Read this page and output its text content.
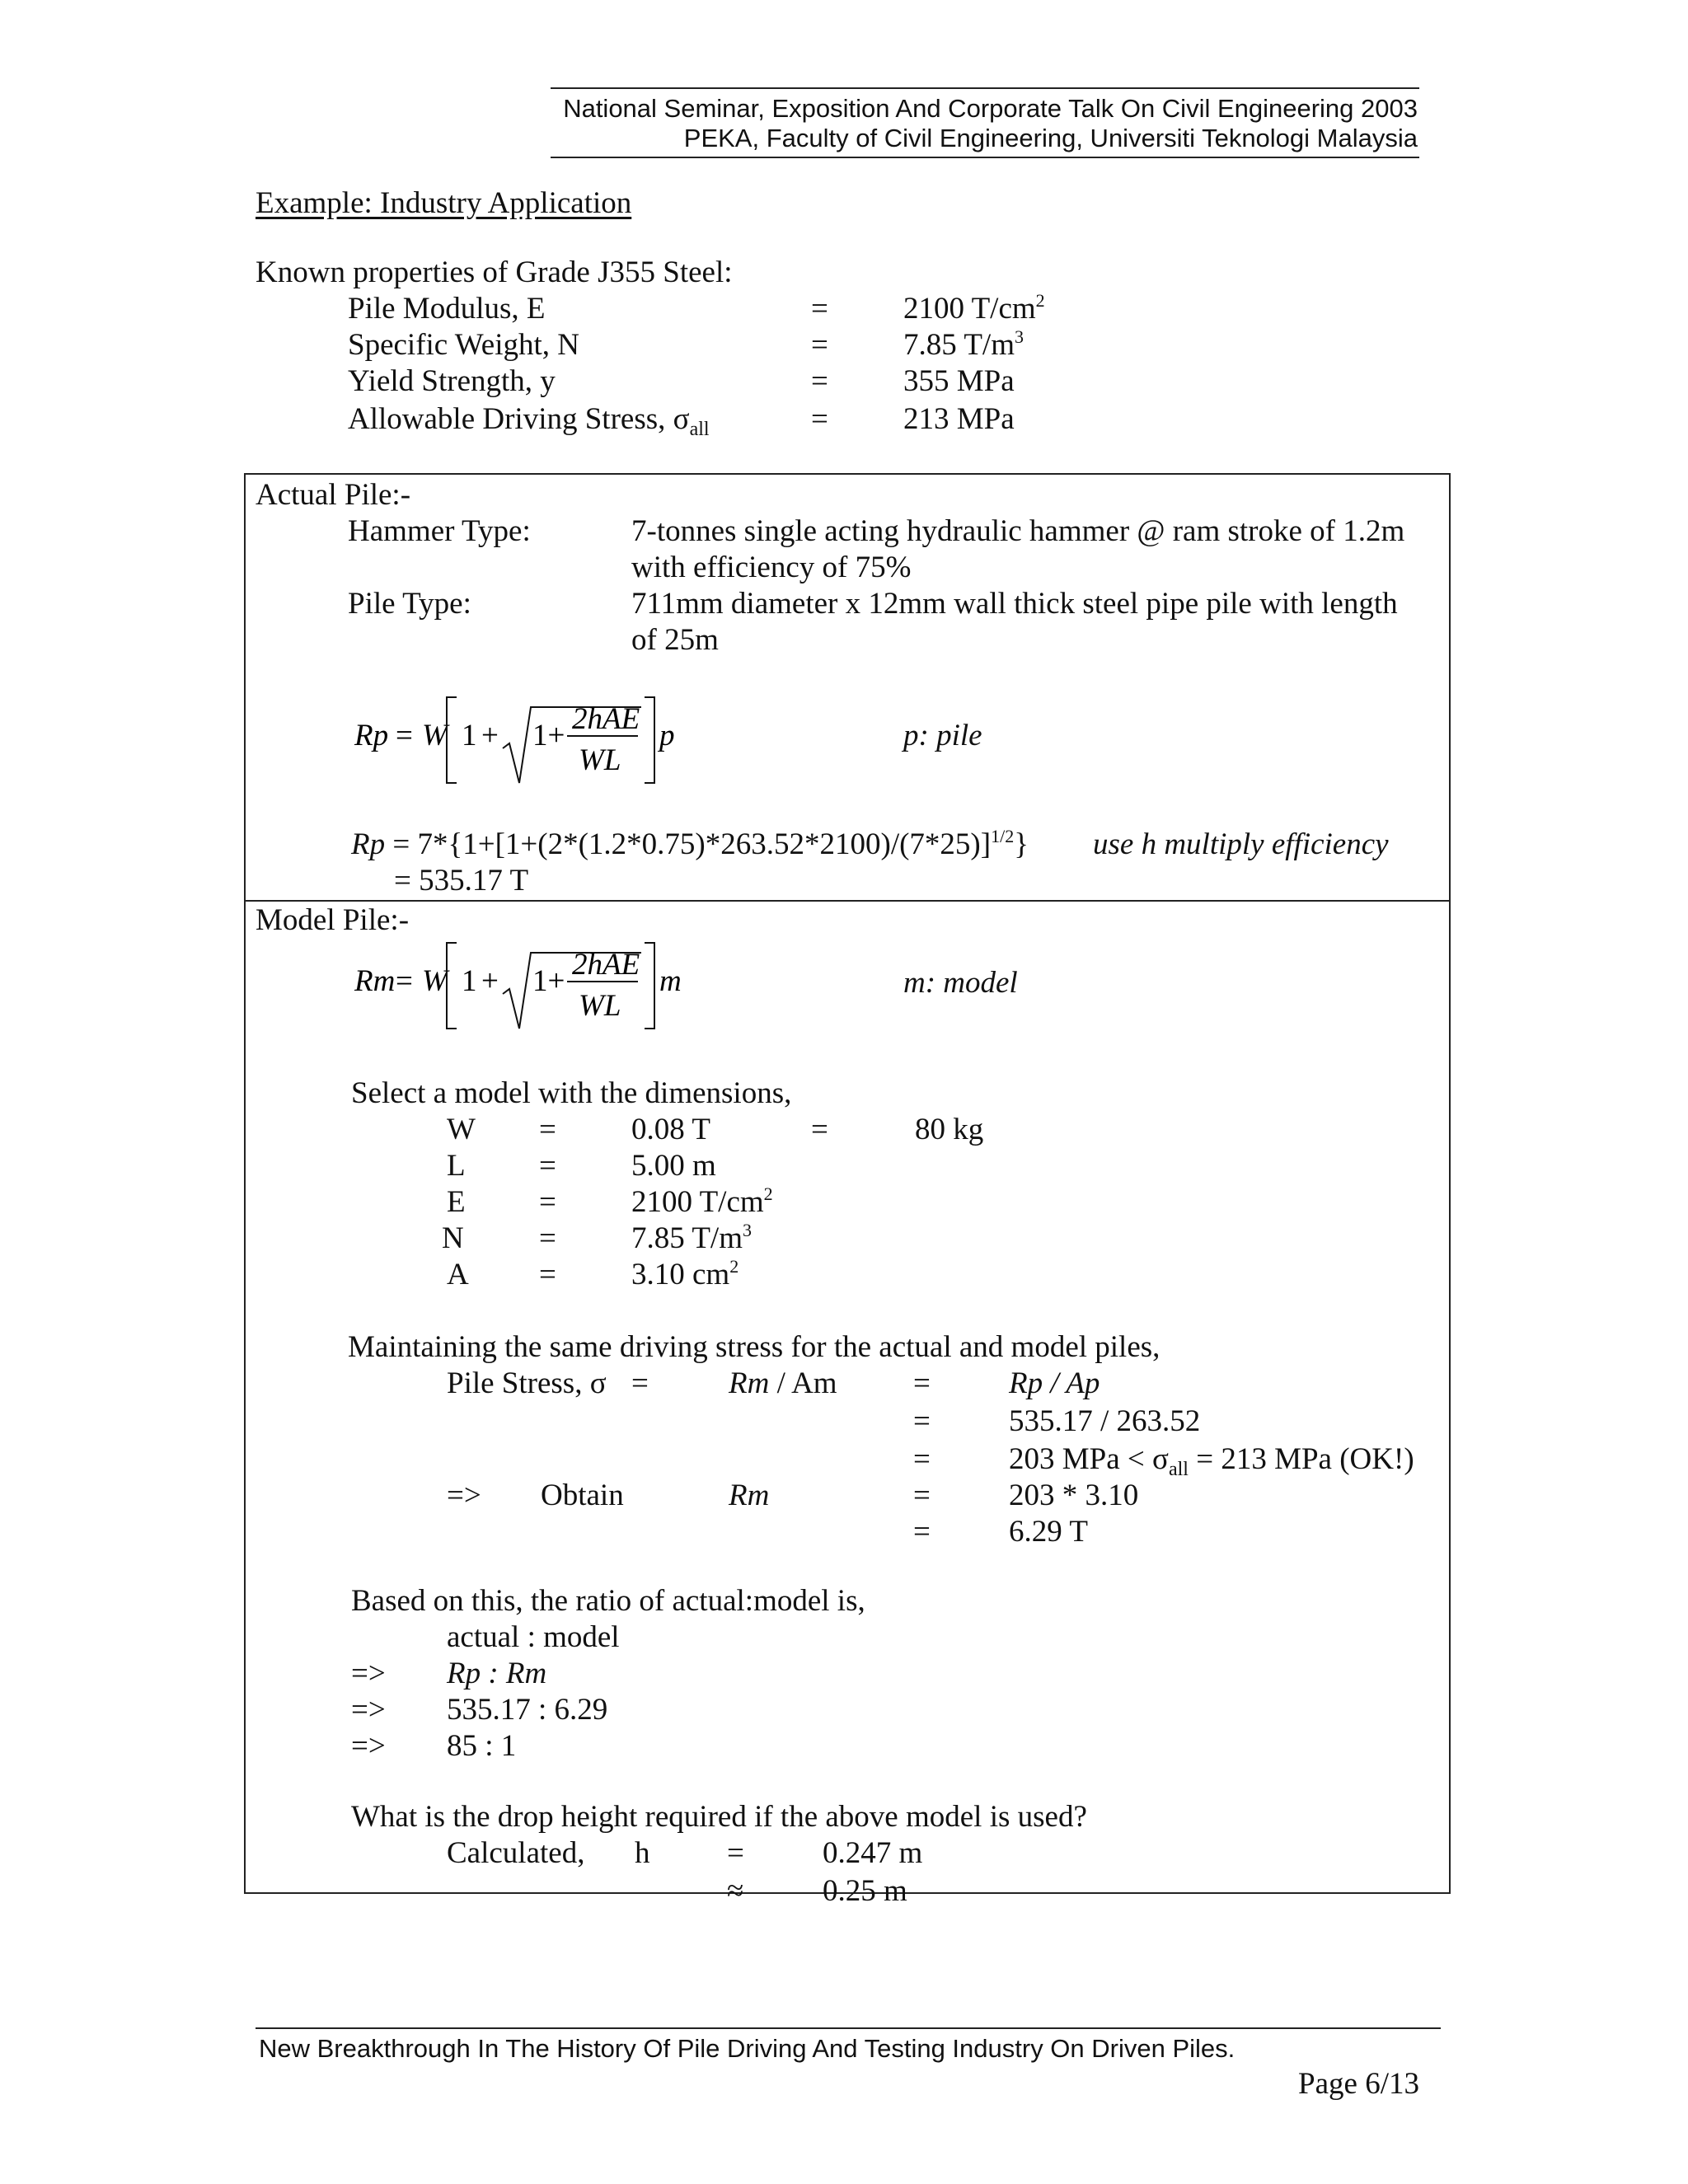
National Seminar, Exposition And Corporate Talk On Civil Engineering 2003
PEKA, Faculty of Civil Engineering, Universiti Teknologi Malaysia
Example: Industry Application
Known properties of Grade J355 Steel:
Pile Modulus, E	= 2100 $T/cm^2$
Specific Weight, N	= 7.85 $T/m^3$
Yield Strength, y	= 355 MPa
Allowable Driving Stress, $\sigma_{all}$	= 213 MPa
Actual Pile:-
Hammer Type:	7-tonnes single acting hydraulic hammer @ ram stroke of 1.2m
with efficiency of 75%
Pile Type:	711mm diameter x 12mm wall thick steel pipe pile with length
of 25m
Rp = W 1 + 1+ 2hAE
WL
p	p: pile
$Rp = 7*\{1+[1+(2*(1.2*0.75)*263.52*2100)/(7*25)]^{1/2}\}$ use h multiply efficiency
= 535.17 T
Model Pile:-
Rm = W 1 + 1+ 2hAE
WL
m	m: model
Select a model with the dimensions,
W = 0.08 T	=	80 kg
L = 5.00 m
E = 2100 $T/cm^2$
N = 7.85 $T/m^3$
A = 3.10 $cm^2$
Maintaining the same driving stress for the actual and model piles,
Pile Stress, σ =	Rm / Am =	Rp / Ap
=	535.17 / 263.52
=	203 MPa < $\sigma_{all} = 213$ MPa (OK!)
=> Obtain	Rm	=	203 * 3.10
=	6.29 T
Based on this, the ratio of actual:model is,
actual : model
=> Rp : Rm
=> 535.17 : 6.29
=> 85 : 1
What is the drop height required if the above model is used?
Calculated, h	=	0.247 m
≈	0.25 m
New Breakthrough In The History Of Pile Driving And Testing Industry On Driven Piles.
Page 6/13
